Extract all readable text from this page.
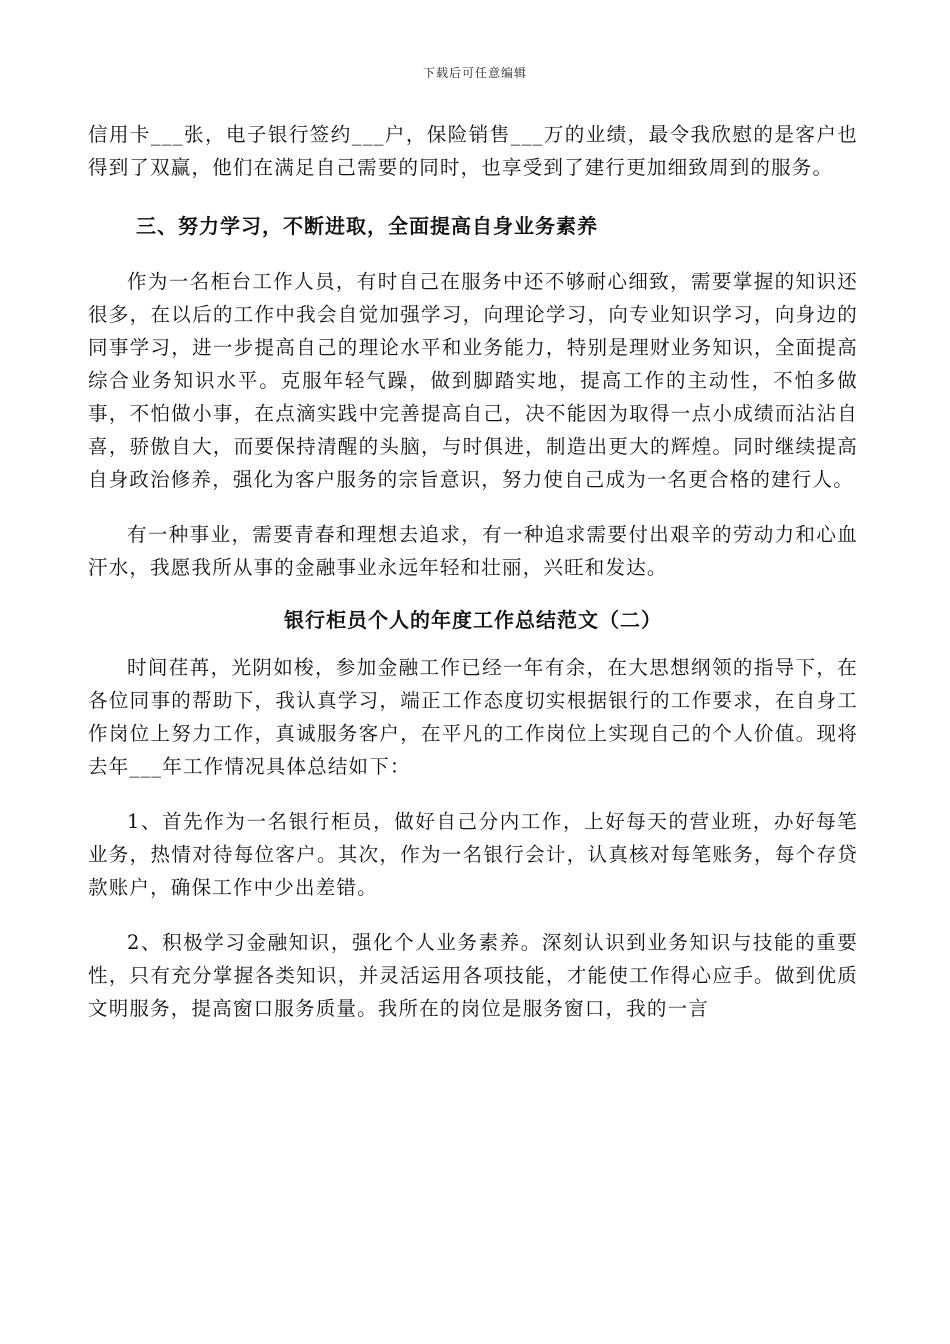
下载后可任意编辑

信用卡___张，电子银行签约___户，保险销售___万的业绩，最令我欣慰的是客户也得到了双赢，他们在满足自己需要的同时，也享受到了建行更加细致周到的服务。

三、努力学习，不断进取，全面提高自身业务素养

作为一名柜台工作人员，有时自己在服务中还不够耐心细致，需要掌握的知识还很多，在以后的工作中我会自觉加强学习，向理论学习，向专业知识学习，向身边的同事学习，进一步提高自己的理论水平和业务能力，特别是理财业务知识，全面提高综合业务知识水平。克服年轻气躁，做到脚踏实地，提高工作的主动性，不怕多做事，不怕做小事，在点滴实践中完善提高自己，决不能因为取得一点小成绩而沾沾自喜，骄傲自大，而要保持清醒的头脑，与时俱进，制造出更大的辉煌。同时继续提高自身政治修养，强化为客户服务的宗旨意识，努力使自己成为一名更合格的建行人。

有一种事业，需要青春和理想去追求，有一种追求需要付出艰辛的劳动力和心血汗水，我愿我所从事的金融事业永远年轻和壮丽，兴旺和发达。

银行柜员个人的年度工作总结范文（二）

时间荏苒，光阴如梭，参加金融工作已经一年有余，在大思想纲领的指导下，在各位同事的帮助下，我认真学习，端正工作态度切实根据银行的工作要求，在自身工作岗位上努力工作，真诚服务客户，在平凡的工作岗位上实现自己的个人价值。现将去年___年工作情况具体总结如下：

1、首先作为一名银行柜员，做好自己分内工作，上好每天的营业班，办好每笔业务，热情对待每位客户。其次，作为一名银行会计，认真核对每笔账务，每个存贷款账户，确保工作中少出差错。

2、积极学习金融知识，强化个人业务素养。深刻认识到业务知识与技能的重要性，只有充分掌握各类知识，并灵活运用各项技能，才能使工作得心应手。做到优质文明服务，提高窗口服务质量。我所在的岗位是服务窗口，我的一言
